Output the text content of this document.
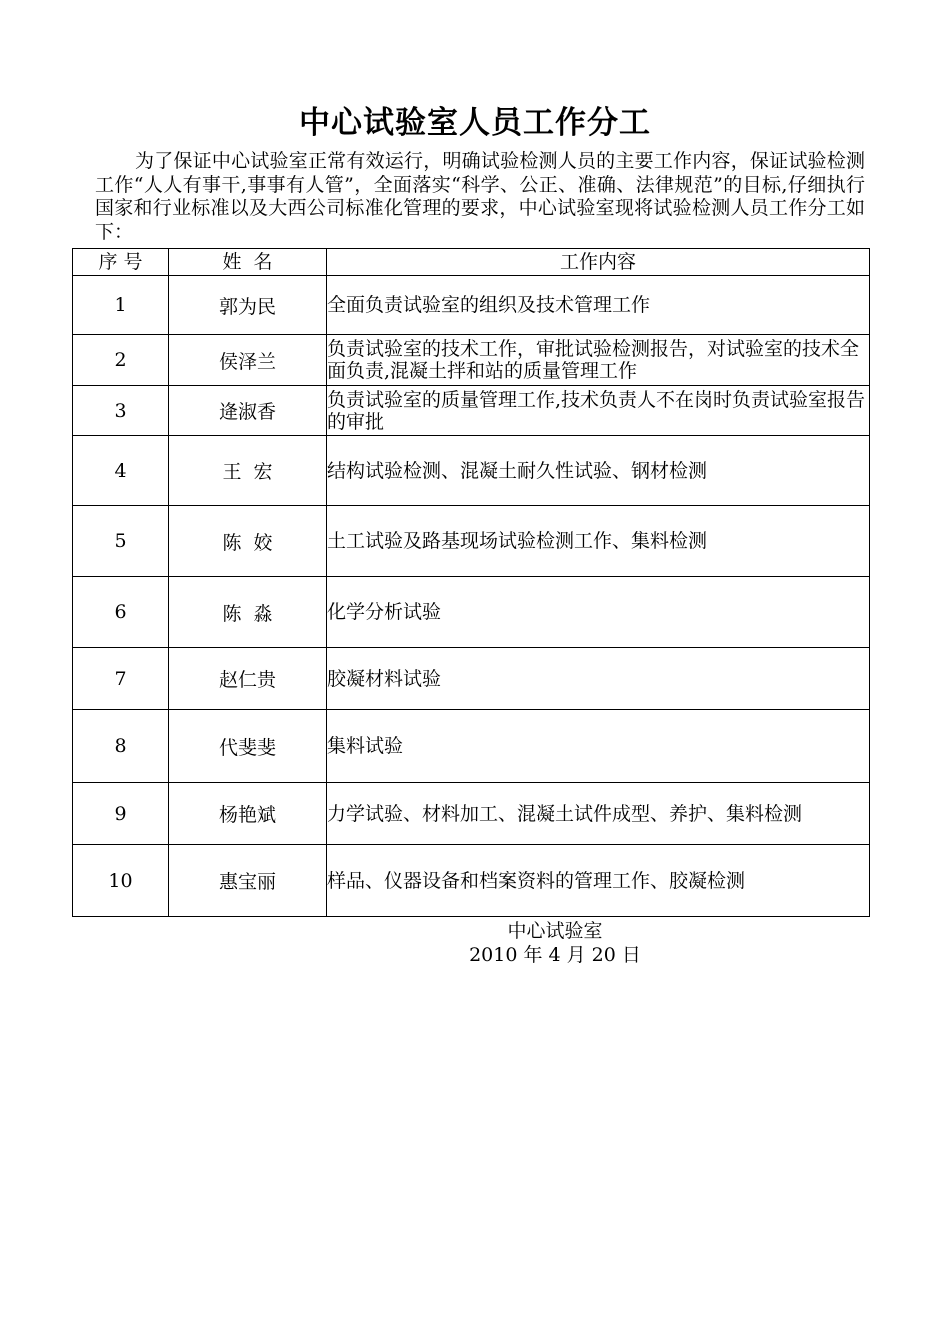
中心试验室人员工作分工
为了保证中心试验室正常有效运行，明确试验检测人员的主要工作内容，保证试验检测工作“人人有事干,事事有人管”，全面落实“科学、公正、准确、法律规范”的目标,仔细执行国家和行业标准以及大西公司标准化管理的要求，中心试验室现将试验检测人员工作分工如下：
序 号	姓  名	工作内容
1	郭为民	全面负责试验室的组织及技术管理工作
2	侯泽兰	负责试验室的技术工作，审批试验检测报告，对试验室的技术全面负责,混凝土拌和站的质量管理工作
3	逄淑香	负责试验室的质量管理工作,技术负责人不在岗时负责试验室报告的审批
4	王  宏	结构试验检测、混凝土耐久性试验、钢材检测
5	陈  姣	土工试验及路基现场试验检测工作、集料检测
6	陈  淼	化学分析试验
7	赵仁贵	胶凝材料试验
8	代斐斐	集料试验
9	杨艳斌	力学试验、材料加工、混凝土试件成型、养护、集料检测
10	惠宝丽	样品、仪器设备和档案资料的管理工作、胶凝检测
中心试验室
2010 年 4 月 20 日
